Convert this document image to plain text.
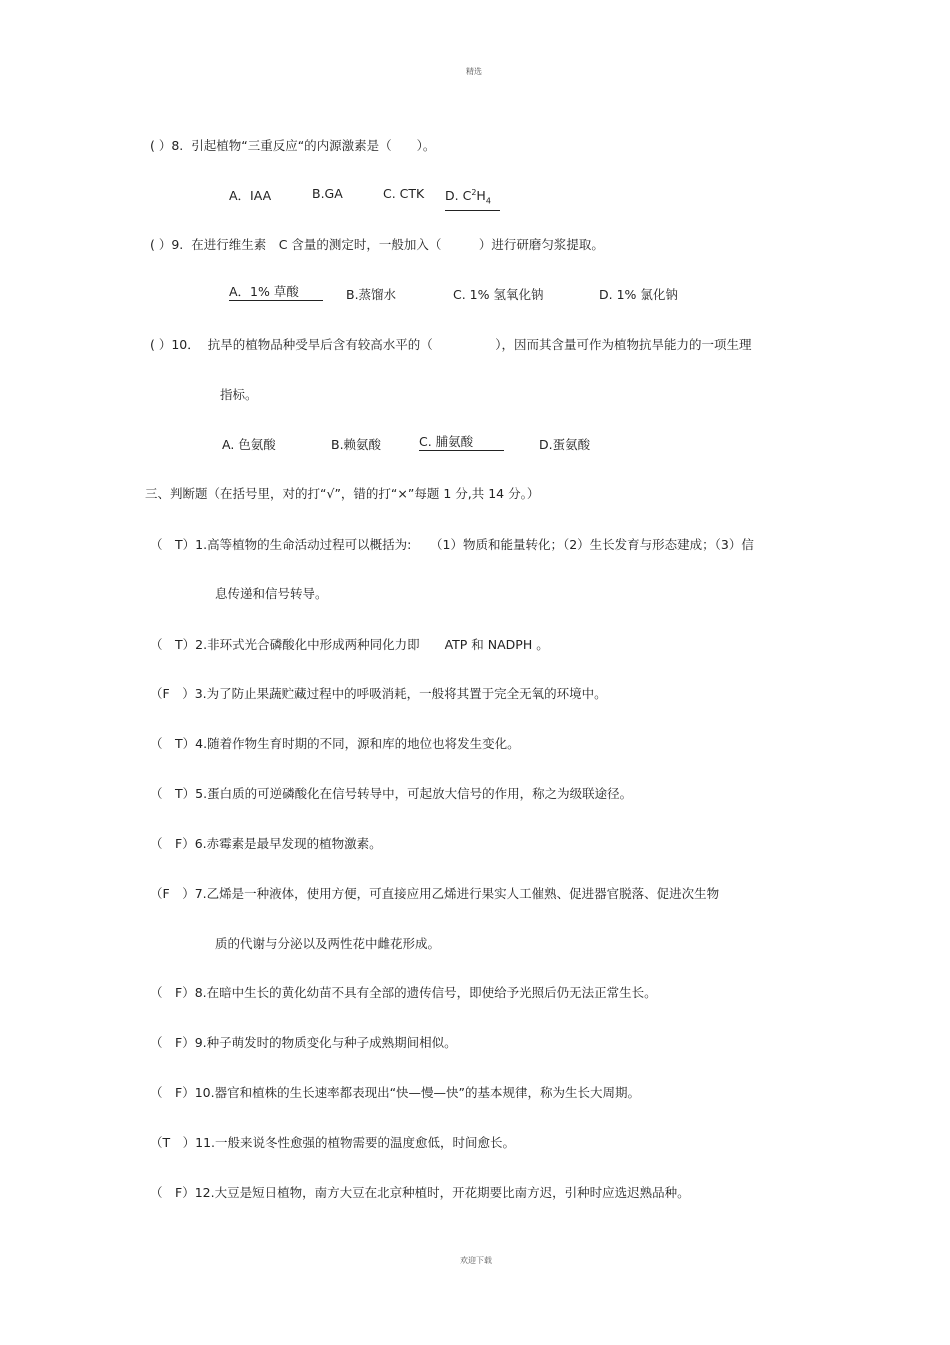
精选
( ）8. 引起植物“三重反应“的内源激素是（　　）。
A．IAA	B.GA	C. CTK D. $C^2H_4$
( ）9. 在进行维生素　C 含量的测定时，一般加入（　　　）进行研磨匀浆提取。
A．1% 草酸	B.蒸馏水	C. 1% 氢氧化钠	D. 1% 氯化钠
( ）10． 抗旱的植物品种受旱后含有较高水平的（　　　　　），因而其含量可作为植物抗旱能力的一项生理
指标。
A. 色氨酸	B.赖氨酸	C. 脯氨酸	D.蛋氨酸
三、判断题（在括号里，对的打“√”，错的打“×”每题 1 分,共 14 分。）
（　T）1.高等植物的生命活动过程可以概括为:　　（1）物质和能量转化；（2）生长发育与形态建成；（3）信
息传递和信号转导。
（　T）2.非环式光合磷酸化中形成两种同化力即　　ATP 和 NADPH 。
（F　）3.为了防止果蔬贮藏过程中的呼吸消耗，一般将其置于完全无氧的环境中。
（　T）4.随着作物生育时期的不同，源和库的地位也将发生变化。
（　T）5.蛋白质的可逆磷酸化在信号转导中，可起放大信号的作用，称之为级联途径。
（　F）6.赤霉素是最早发现的植物激素。
（F　）7.乙烯是一种液体，使用方便，可直接应用乙烯进行果实人工催熟、促进器官脱落、促进次生物
质的代谢与分泌以及两性花中雌花形成。
（　F）8.在暗中生长的黄化幼苗不具有全部的遗传信号，即使给予光照后仍无法正常生长。
（　F）9.种子萌发时的物质变化与种子成熟期间相似。
（　F）10.器官和植株的生长速率都表现出“快—慢—快”的基本规律，称为生长大周期。
（T　）11.一般来说冬性愈强的植物需要的温度愈低，时间愈长。
（　F）12.大豆是短日植物，南方大豆在北京种植时，开花期要比南方迟，引种时应选迟熟品种。
欢迎下载
